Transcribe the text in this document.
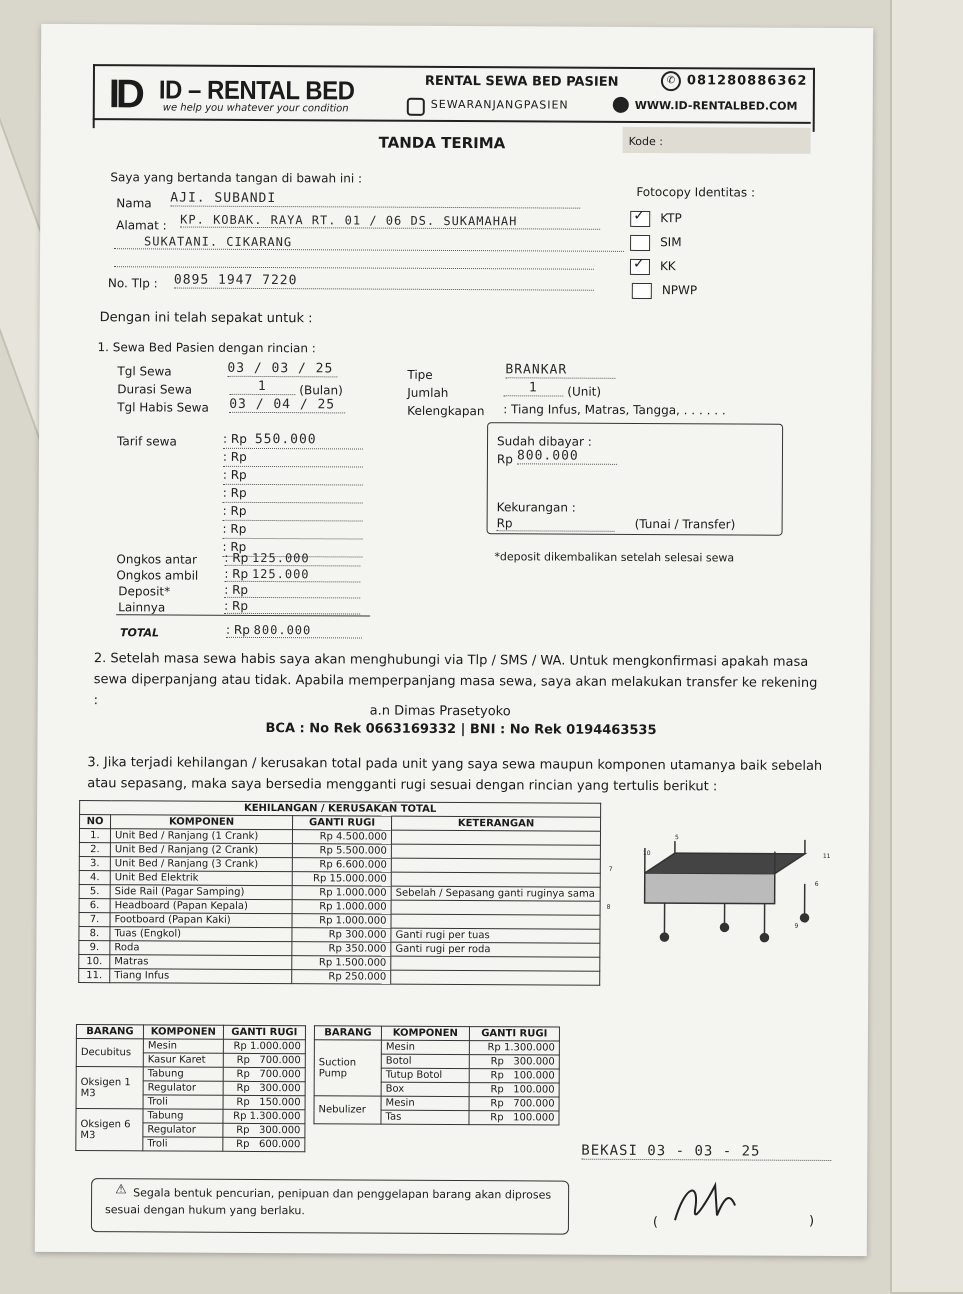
ID ID – RENTAL BED
we help you whatever your condition
RENTAL SEWA BED PASIEN	✆ 081280886362
SEWARANJANGPASIEN	WWW.ID-RENTALBED.COM
TANDA TERIMA	Kode :
Saya yang bertanda tangan di bawah ini :
Nama AJI. SUBANDI
Alamat : KP. KOBAK. RAYA RT. 01 / 06 DS. SUKAMAHAH
SUKATANI. CIKARANG
No. Tlp : 0895 1947 7220
Fotocopy Identitas :
✓ KTP
SIM
✓ KK
NPWP
Dengan ini telah sepakat untuk :
1. Sewa Bed Pasien dengan rincian :
Tgl Sewa	03 / 03 / 25
Durasi Sewa	1	(Bulan)
Tgl Habis Sewa 03 / 04 / 25
Tipe	BRANKAR
Jumlah	1	(Unit)
Kelengkapan : Tiang Infus, Matras, Tangga, . . . . . .
Tarif sewa	: Rp 550.000
: Rp
: Rp
: Rp
: Rp
: Rp
: Rp
Sudah dibayar :
Rp 800.000
Kekurangan :
Rp	(Tunai / Transfer)
*deposit dikembalikan setelah selesai sewa
Ongkos antar : Rp 125.000
Ongkos ambil : Rp 125.000
Deposit*	: Rp
Lainnya	: Rp
TOTAL	: Rp 800.000
2. Setelah masa sewa habis saya akan menghubungi via Tlp / SMS / WA. Untuk mengkonfirmasi apakah masa sewa diperpanjang atau tidak. Apabila memperpanjang masa sewa, saya akan melakukan transfer ke rekening :
a.n Dimas Prasetyoko
BCA : No Rek 0663169332 | BNI : No Rek 0194463535
3. Jika terjadi kehilangan / kerusakan total pada unit yang saya sewa maupun komponen utamanya baik sebelah atau sepasang, maka saya bersedia mengganti rugi sesuai dengan rincian yang tertulis berikut :
KEHILANGAN / KERUSAKAN TOTAL			
NO	KOMPONEN	GANTI RUGI	KETERANGAN
1.	Unit Bed / Ranjang (1 Crank)	Rp 4.500.000	
2.	Unit Bed / Ranjang (2 Crank)	Rp 5.500.000	
3.	Unit Bed / Ranjang (3 Crank)	Rp 6.600.000	
4.	Unit Bed Elektrik	Rp 15.000.000	
5.	Side Rail (Pagar Samping)	Rp 1.000.000	Sebelah / Sepasang ganti ruginya sama
6.	Headboard (Papan Kepala)	Rp 1.000.000	
7.	Footboard (Papan Kaki)	Rp 1.000.000	
8.	Tuas (Engkol)	Rp 300.000	Ganti rugi per tuas
9.	Roda	Rp 350.000	Ganti rugi per roda
10.	Matras	Rp 1.500.000	
11.	Tiang Infus	Rp 250.000	
5
10	11
7
6
8
9
BARANG	KOMPONEN	GANTI RUGI
Decubitus	Mesin	Rp 1.000.000
	Kasur Karet	Rp   700.000
Oksigen 1 M3	Tabung	Rp   700.000
	Regulator	Rp   300.000
	Troli	Rp   150.000
Oksigen 6 M3	Tabung	Rp 1.300.000
	Regulator	Rp   300.000
	Troli	Rp   600.000
BARANG	KOMPONEN	GANTI RUGI
Suction Pump	Mesin	Rp 1.300.000
	Botol	Rp   300.000
	Tutup Botol	Rp   100.000
	Box	Rp   100.000
Nebulizer	Mesin	Rp   700.000
	Tas	Rp   100.000
BEKASI 03 - 03 - 25
(	)
⚠ Segala bentuk pencurian, penipuan dan penggelapan barang akan diproses sesuai dengan hukum yang berlaku.
